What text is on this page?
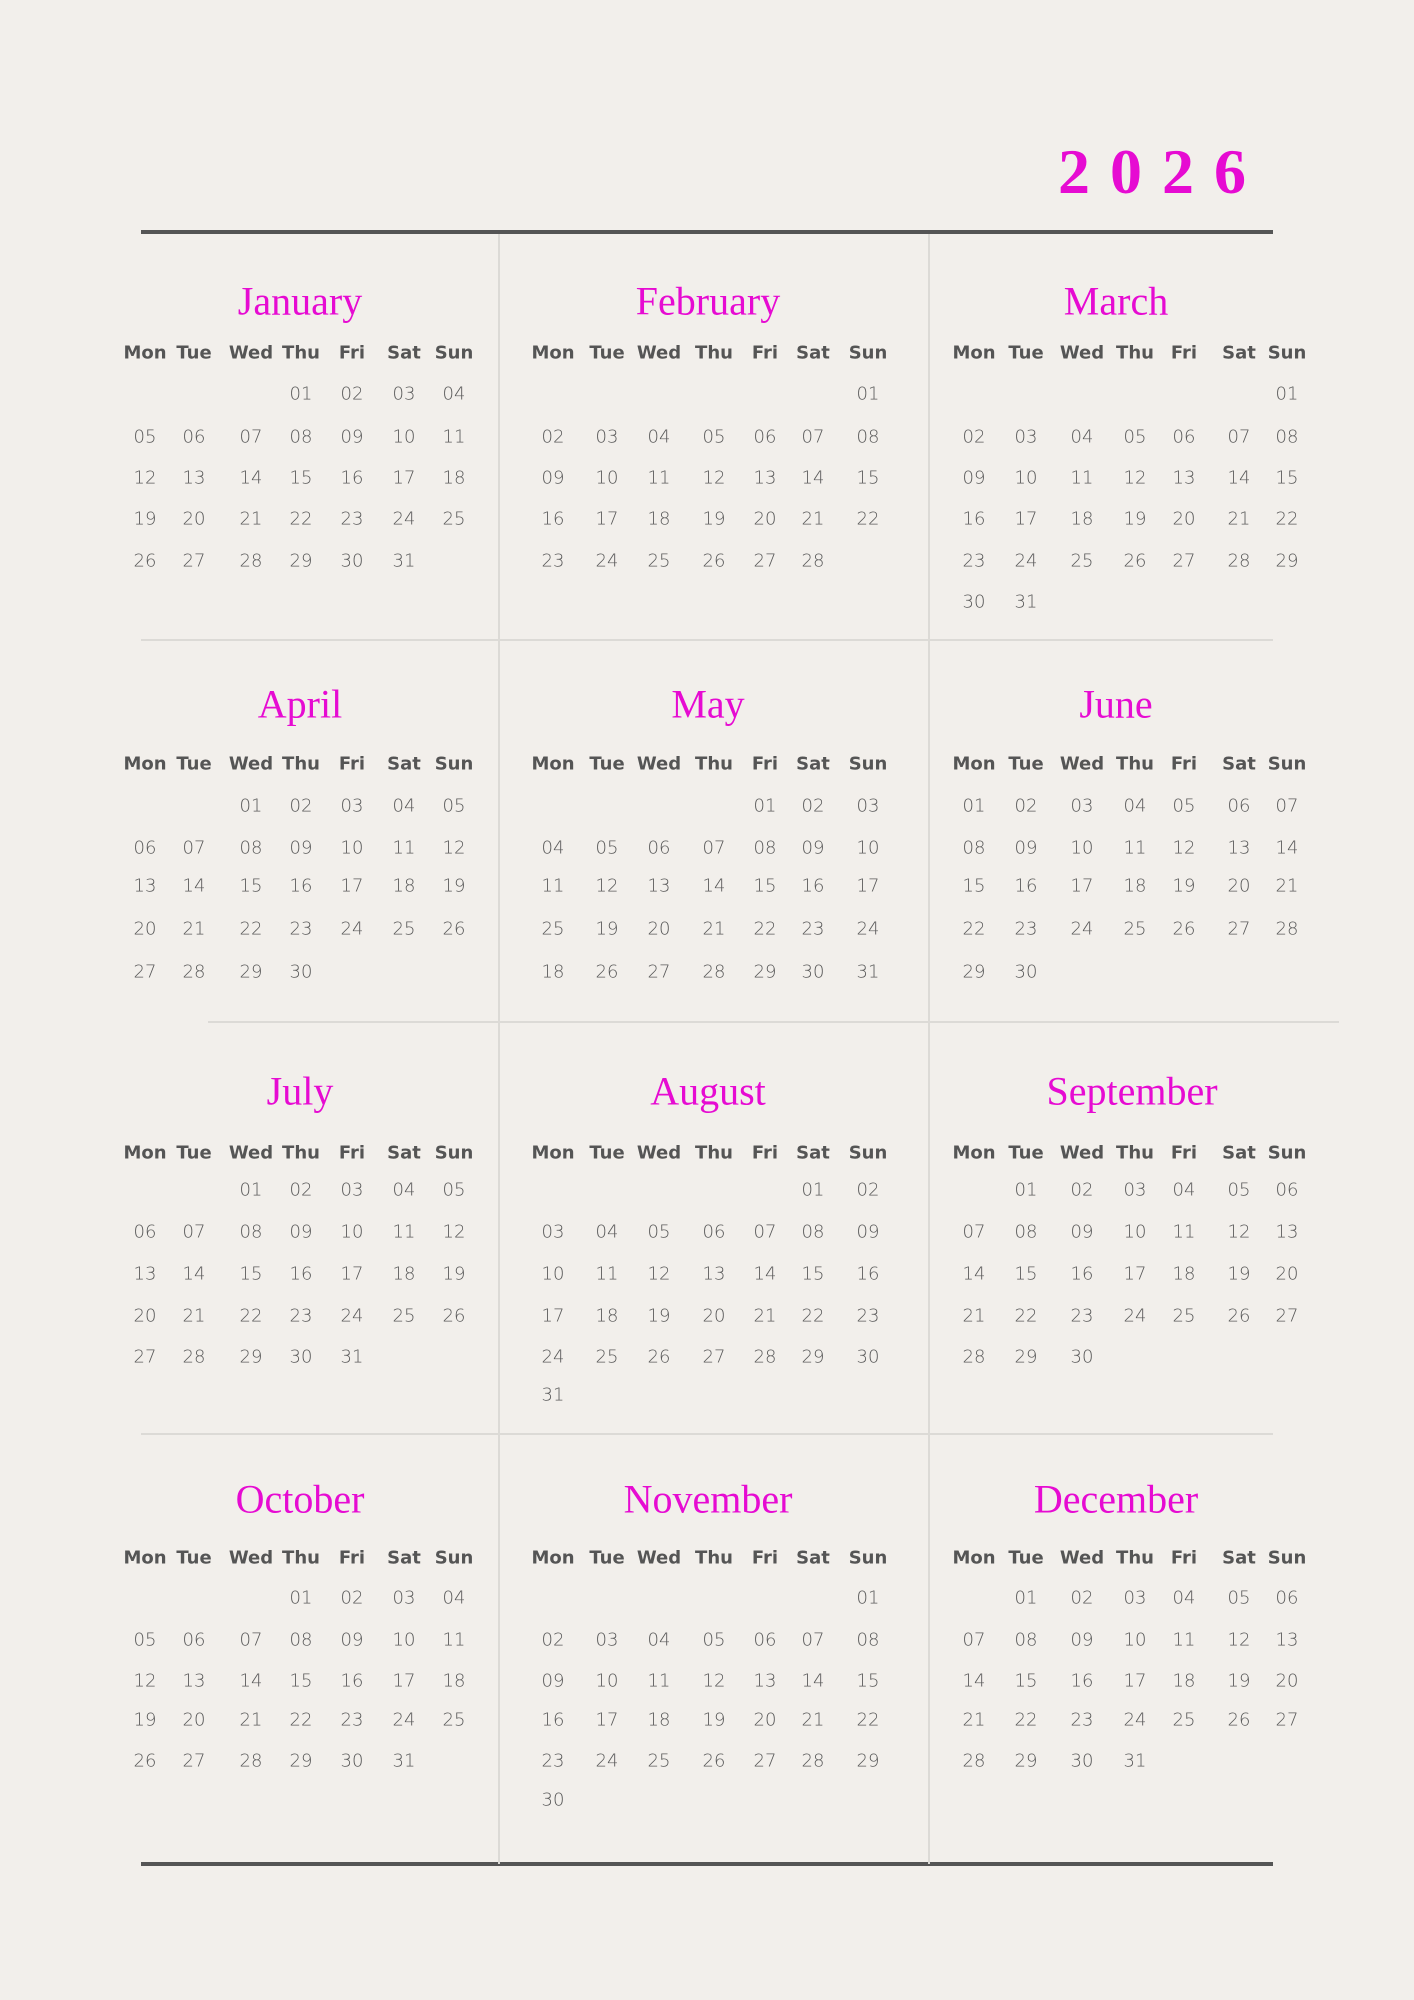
2026
January
Mon Tue Wed Thu Fri Sat Sun
01 02 03 04
05 06 07 08 09 10 11
12 13 14 15 16 17 18
19 20 21 22 23 24 25
26 27 28 29 30 31
February
Mon Tue Wed Thu Fri Sat Sun
01
02 03 04 05 06 07 08
09 10 11 12 13 14 15
16 17 18 19 20 21 22
23 24 25 26 27 28
March
Mon Tue Wed Thu Fri Sat Sun
01
02 03 04 05 06 07 08
09 10 11 12 13 14 15
16 17 18 19 20 21 22
23 24 25 26 27 28 29
30 31
April
Mon Tue Wed Thu Fri Sat Sun
01 02 03 04 05
06 07 08 09 10 11 12
13 14 15 16 17 18 19
20 21 22 23 24 25 26
27 28 29 30
May
Mon Tue Wed Thu Fri Sat Sun
01 02 03
04 05 06 07 08 09 10
11 12 13 14 15 16 17
25 19 20 21 22 23 24
18 26 27 28 29 30 31
June
Mon Tue Wed Thu Fri Sat Sun
01 02 03 04 05 06 07
08 09 10 11 12 13 14
15 16 17 18 19 20 21
22 23 24 25 26 27 28
29 30
July
Mon Tue Wed Thu Fri Sat Sun
01 02 03 04 05
06 07 08 09 10 11 12
13 14 15 16 17 18 19
20 21 22 23 24 25 26
27 28 29 30 31
August
Mon Tue Wed Thu Fri Sat Sun
01 02
03 04 05 06 07 08 09
10 11 12 13 14 15 16
17 18 19 20 21 22 23
24 25 26 27 28 29 30
31
September
Mon Tue Wed Thu Fri Sat Sun
01 02 03 04 05 06
07 08 09 10 11 12 13
14 15 16 17 18 19 20
21 22 23 24 25 26 27
28 29 30
October
Mon Tue Wed Thu Fri Sat Sun
01 02 03 04
05 06 07 08 09 10 11
12 13 14 15 16 17 18
19 20 21 22 23 24 25
26 27 28 29 30 31
November
Mon Tue Wed Thu Fri Sat Sun
01
02 03 04 05 06 07 08
09 10 11 12 13 14 15
16 17 18 19 20 21 22
23 24 25 26 27 28 29
30
December
Mon Tue Wed Thu Fri Sat Sun
01 02 03 04 05 06
07 08 09 10 11 12 13
14 15 16 17 18 19 20
21 22 23 24 25 26 27
28 29 30 31
